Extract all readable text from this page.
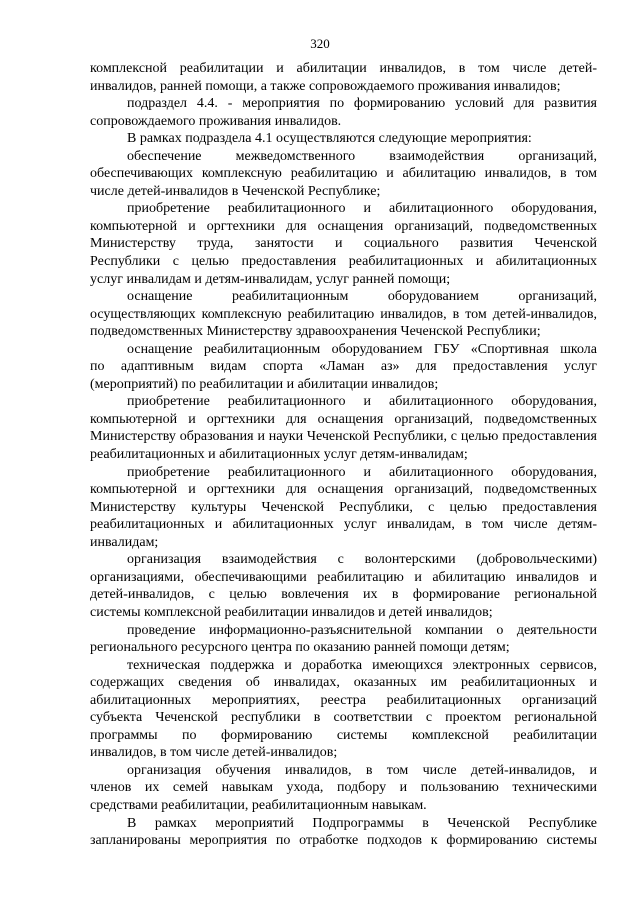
320
комплексной реабилитации и абилитации инвалидов, в том числе детей-
инвалидов, ранней помощи, а также сопровождаемого проживания инвалидов;
подраздел 4.4. - мероприятия по формированию условий для развития
сопровождаемого проживания инвалидов.
В рамках подраздела 4.1 осуществляются следующие мероприятия:
обеспечение межведомственного взаимодействия организаций,
обеспечивающих комплексную реабилитацию и абилитацию инвалидов, в том
числе детей-инвалидов в Чеченской Республике;
приобретение реабилитационного и абилитационного оборудования,
компьютерной и оргтехники для оснащения организаций, подведомственных
Министерству труда, занятости и социального развития Чеченской
Республики с целью предоставления реабилитационных и абилитационных
услуг инвалидам и детям-инвалидам, услуг ранней помощи;
оснащение реабилитационным оборудованием организаций,
осуществляющих комплексную реабилитацию инвалидов, в том детей-инвалидов,
подведомственных Министерству здравоохранения Чеченской Республики;
оснащение реабилитационным оборудованием ГБУ «Спортивная школа
по адаптивным видам спорта «Ламан аз» для предоставления услуг
(мероприятий) по реабилитации и абилитации инвалидов;
приобретение реабилитационного и абилитационного оборудования,
компьютерной и оргтехники для оснащения организаций, подведомственных
Министерству образования и науки Чеченской Республики, с целью предоставления
реабилитационных и абилитационных услуг детям-инвалидам;
приобретение реабилитационного и абилитационного оборудования,
компьютерной и оргтехники для оснащения организаций, подведомственных
Министерству культуры Чеченской Республики, с целью предоставления
реабилитационных и абилитационных услуг инвалидам, в том числе детям-
инвалидам;
организация взаимодействия с волонтерскими (добровольческими)
организациями, обеспечивающими реабилитацию и абилитацию инвалидов и
детей-инвалидов, с целью вовлечения их в формирование региональной
системы комплексной реабилитации инвалидов и детей инвалидов;
проведение информационно-разъяснительной компании о деятельности
регионального ресурсного центра по оказанию ранней помощи детям;
техническая поддержка и доработка имеющихся электронных сервисов,
содержащих сведения об инвалидах, оказанных им реабилитационных и
абилитационных мероприятиях, реестра реабилитационных организаций
субъекта Чеченской республики в соответствии с проектом региональной
программы по формированию системы комплексной реабилитации
инвалидов, в том числе детей-инвалидов;
организация обучения инвалидов, в том числе детей-инвалидов, и
членов их семей навыкам ухода, подбору и пользованию техническими
средствами реабилитации, реабилитационным навыкам.
В рамках мероприятий Подпрограммы в Чеченской Республике
запланированы мероприятия по отработке подходов к формированию системы
